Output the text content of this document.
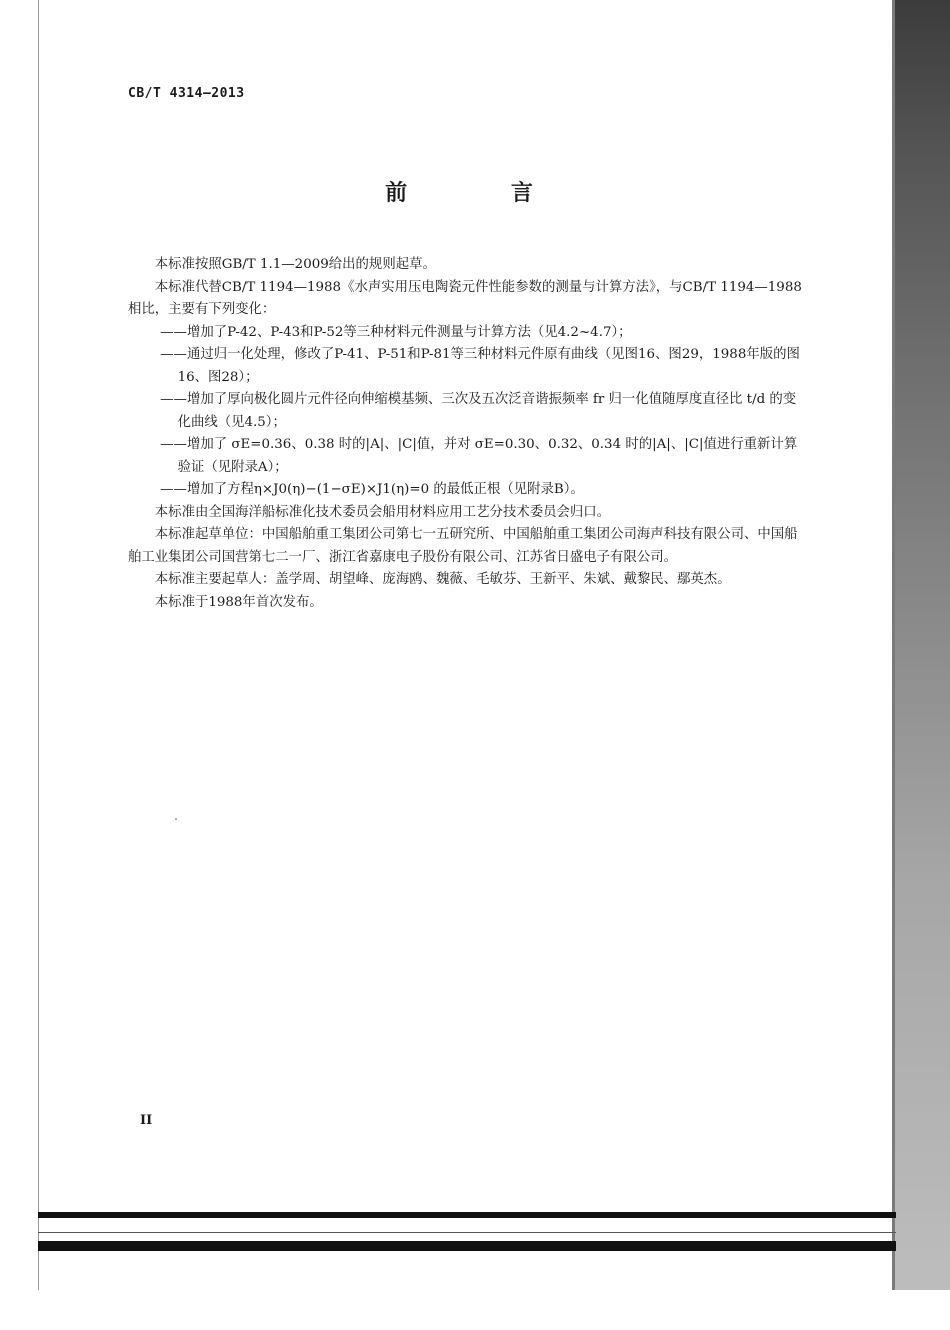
CB/T 4314—2013
前 言

本标准按照GB/T 1.1—2009给出的规则起草。

本标准代替CB/T 1194—1988《水声实用压电陶瓷元件性能参数的测量与计算方法》，与CB/T 1194—1988相比，主要有下列变化：

——增加了P-42、P-43和P-52等三种材料元件测量与计算方法（见4.2~4.7）；

——通过归一化处理，修改了P-41、P-51和P-81等三种材料元件原有曲线（见图16、图29，1988年版的图16、图28）；

——增加了厚向极化圆片元件径向伸缩模基频、三次及五次泛音谐振频率 fr 归一化值随厚度直径比 t/d 的变化曲线（见4.5）；

——增加了 σE=0.36、0.38 时的|A|、|C|值，并对 σE=0.30、0.32、0.34 时的|A|、|C|值进行重新计算验证（见附录A）；

——增加了方程η×J0(η)−(1−σE)×J1(η)=0 的最低正根（见附录B）。

本标准由全国海洋船标准化技术委员会船用材料应用工艺分技术委员会归口。

本标准起草单位：中国船舶重工集团公司第七一五研究所、中国船舶重工集团公司海声科技有限公司、中国船舶工业集团公司国营第七二一厂、浙江省嘉康电子股份有限公司、江苏省日盛电子有限公司。

本标准主要起草人：盖学周、胡望峰、庞海鸥、魏薇、毛敏芬、王新平、朱斌、戴黎民、鄢英杰。

本标准于1988年首次发布。

II
